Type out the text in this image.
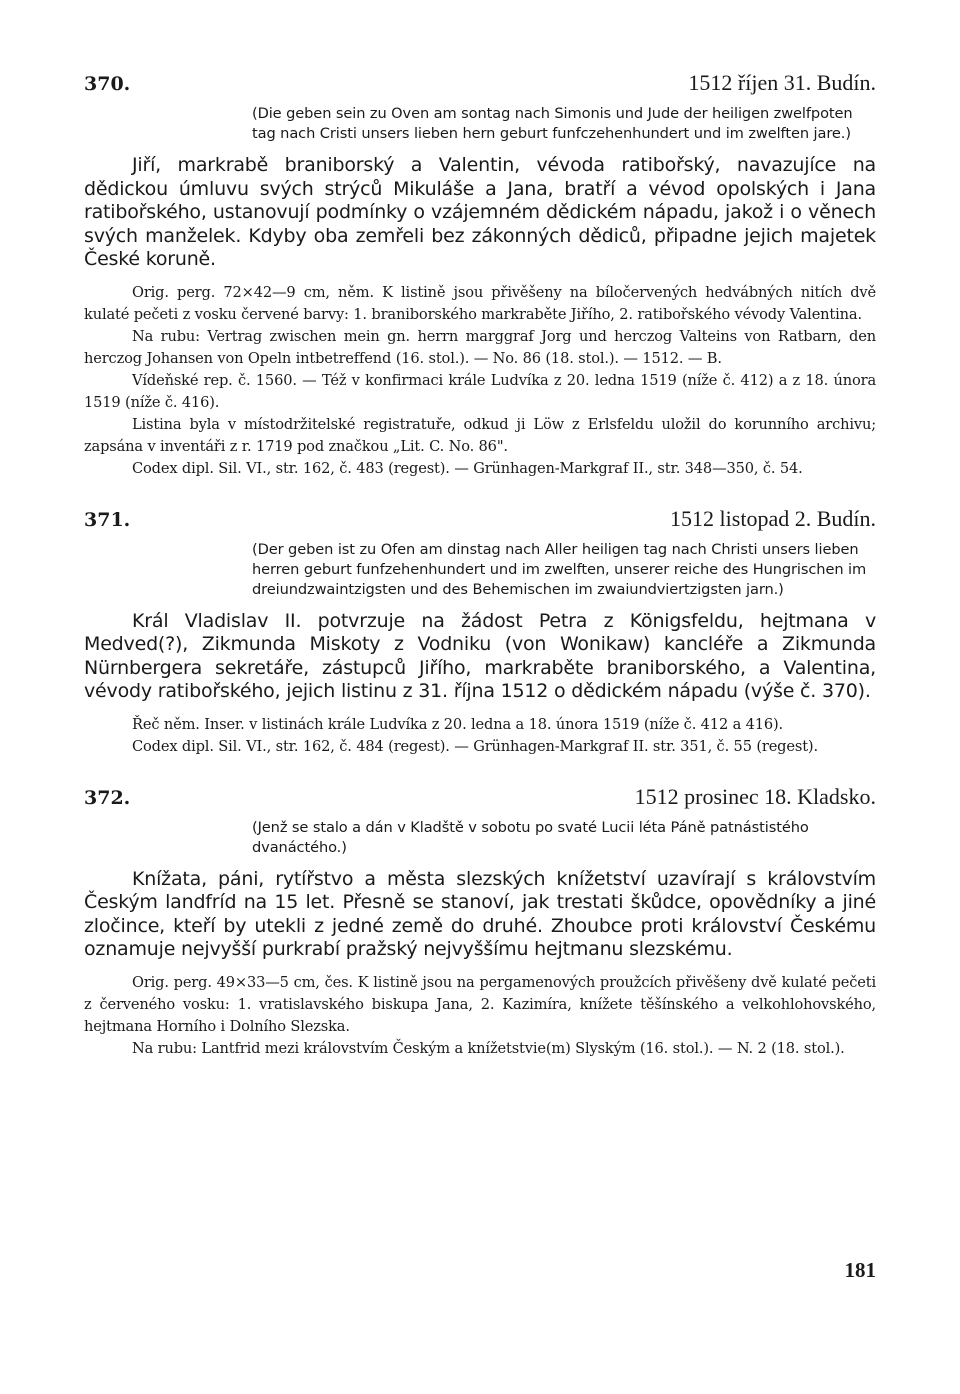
370.	1512 říjen 31. Budín.
(Die geben sein zu Oven am sontag nach Simonis und Jude der heiligen zwelfpoten tag nach Cristi unsers lieben hern geburt funfczehenhundert und im zwelften jare.)
Jiří, markrabě braniborský a Valentin, vévoda ratibořský, navazujíce na dědickou úmluvu svých strýců Mikuláše a Jana, bratří a vévod opolských i Jana ratibořského, ustanovují podmínky o vzájemném dědickém nápadu, jakož i o věnech svých manželek. Kdyby oba zemřeli bez zákonných dědiců, připadne jejich majetek České koruně.
Orig. perg. 72×42—9 cm, něm. K listině jsou přivěšeny na bíločervených hedvábných nitích dvě kulaté pečeti z vosku červené barvy: 1. braniborského markraběte Jiřího, 2. ratibořského vévody Valentina.
Na rubu: Vertrag zwischen mein gn. herrn marggraf Jorg und herczog Valteins von Ratbarn, den herczog Johansen von Opeln intbetreffend (16. stol.). — No. 86 (18. stol.). — 1512. — B.
Vídeňské rep. č. 1560. — Též v konfirmaci krále Ludvíka z 20. ledna 1519 (níže č. 412) a z 18. února 1519 (níže č. 416).
Listina byla v místodržitelské registratuře, odkud ji Löw z Erlsfeldu uložil do korunního archivu; zapsána v inventáři z r. 1719 pod značkou „Lit. C. No. 86".
Codex dipl. Sil. VI., str. 162, č. 483 (regest). — Grünhagen-Markgraf II., str. 348—350, č. 54.
371.	1512 listopad 2. Budín.
(Der geben ist zu Ofen am dinstag nach Aller heiligen tag nach Christi unsers lieben herren geburt funfzehenhundert und im zwelften, unserer reiche des Hungrischen im dreiundzwaintzigsten und des Behemischen im zwaiundviertzigsten jarn.)
Král Vladislav II. potvrzuje na žádost Petra z Königsfeldu, hejtmana v Medved(?), Zikmunda Miskoty z Vodniku (von Wonikaw) kancléře a Zikmunda Nürnbergera sekretáře, zástupců Jiřího, markraběte braniborského, a Valentina, vévody ratibořského, jejich listinu z 31. října 1512 o dědickém nápadu (výše č. 370).
Řeč něm. Inser. v listinách krále Ludvíka z 20. ledna a 18. února 1519 (níže č. 412 a 416).
Codex dipl. Sil. VI., str. 162, č. 484 (regest). — Grünhagen-Markgraf II. str. 351, č. 55 (regest).
372.	1512 prosinec 18. Kladsko.
(Jenž se stalo a dán v Kladště v sobotu po svaté Lucii léta Páně patnástistého dvanáctého.)
Knížata, páni, rytířstvo a města slezských knížetství uzavírají s královstvím Českým landfríd na 15 let. Přesně se stanoví, jak trestati škůdce, opovědníky a jiné zločince, kteří by utekli z jedné země do druhé. Zhoubce proti království Českému oznamuje nejvyšší purkrabí pražský nejvyššímu hejtmanu slezskému.
Orig. perg. 49×33—5 cm, čes. K listině jsou na pergamenových proužcích přivěšeny dvě kulaté pečeti z červeného vosku: 1. vratislavského biskupa Jana, 2. Kazimíra, knížete těšínského a velkohlohovského, hejtmana Horního i Dolního Slezska.
Na rubu: Lantfrid mezi královstvím Českým a knížetstvie(m) Slyským (16. stol.). — N. 2 (18. stol.).
181
